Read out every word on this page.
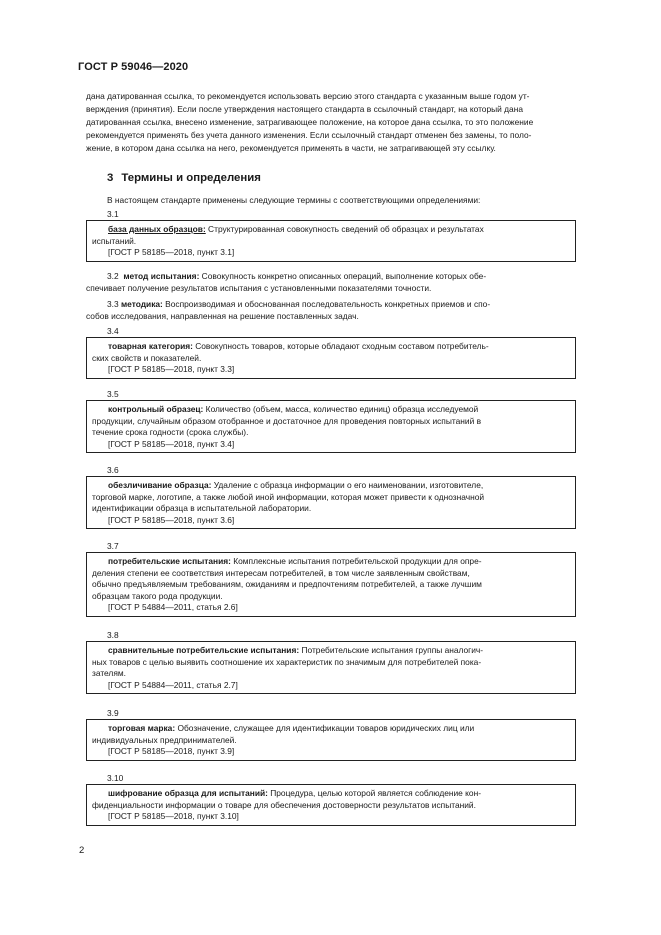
ГОСТ Р 59046—2020
дана датированная ссылка, то рекомендуется использовать версию этого стандарта с указанным выше годом ут-
верждения (принятия). Если после утверждения настоящего стандарта в ссылочный стандарт, на который дана
датированная ссылка, внесено изменение, затрагивающее положение, на которое дана ссылка, то это положение
рекомендуется применять без учета данного изменения. Если ссылочный стандарт отменен без замены, то поло-
жение, в котором дана ссылка на него, рекомендуется применять в части, не затрагивающей эту ссылку.
3 Термины и определения
В настоящем стандарте применены следующие термины с соответствующими определениями:
3.1
база данных образцов: Структурированная совокупность сведений об образцах и результатах
испытаний.
[ГОСТ Р 58185—2018, пункт 3.1]
3.2 метод испытания: Совокупность конкретно описанных операций, выполнение которых обе-
спечивает получение результатов испытания с установленными показателями точности.
3.3 методика: Воспроизводимая и обоснованная последовательность конкретных приемов и спо-
собов исследования, направленная на решение поставленных задач.
3.4
товарная категория: Совокупность товаров, которые обладают сходным составом потребитель-
ских свойств и показателей.
[ГОСТ Р 58185—2018, пункт 3.3]
3.5
контрольный образец: Количество (объем, масса, количество единиц) образца исследуемой
продукции, случайным образом отобранное и достаточное для проведения повторных испытаний в
течение срока годности (срока службы).
[ГОСТ Р 58185—2018, пункт 3.4]
3.6
обезличивание образца: Удаление с образца информации о его наименовании, изготовителе,
торговой марке, логотипе, а также любой иной информации, которая может привести к однозначной
идентификации образца в испытательной лаборатории.
[ГОСТ Р 58185—2018, пункт 3.6]
3.7
потребительские испытания: Комплексные испытания потребительской продукции для опре-
деления степени ее соответствия интересам потребителей, в том числе заявленным свойствам,
обычно предъявляемым требованиям, ожиданиям и предпочтениям потребителей, а также лучшим
образцам такого рода продукции.
[ГОСТ Р 54884—2011, статья 2.6]
3.8
сравнительные потребительские испытания: Потребительские испытания группы аналогич-
ных товаров с целью выявить соотношение их характеристик по значимым для потребителей пока-
зателям.
[ГОСТ Р 54884—2011, статья 2.7]
3.9
торговая марка: Обозначение, служащее для идентификации товаров юридических лиц или
индивидуальных предпринимателей.
[ГОСТ Р 58185—2018, пункт 3.9]
3.10
шифрование образца для испытаний: Процедура, целью которой является соблюдение кон-
фиденциальности информации о товаре для обеспечения достоверности результатов испытаний.
[ГОСТ Р 58185—2018, пункт 3.10]
2
